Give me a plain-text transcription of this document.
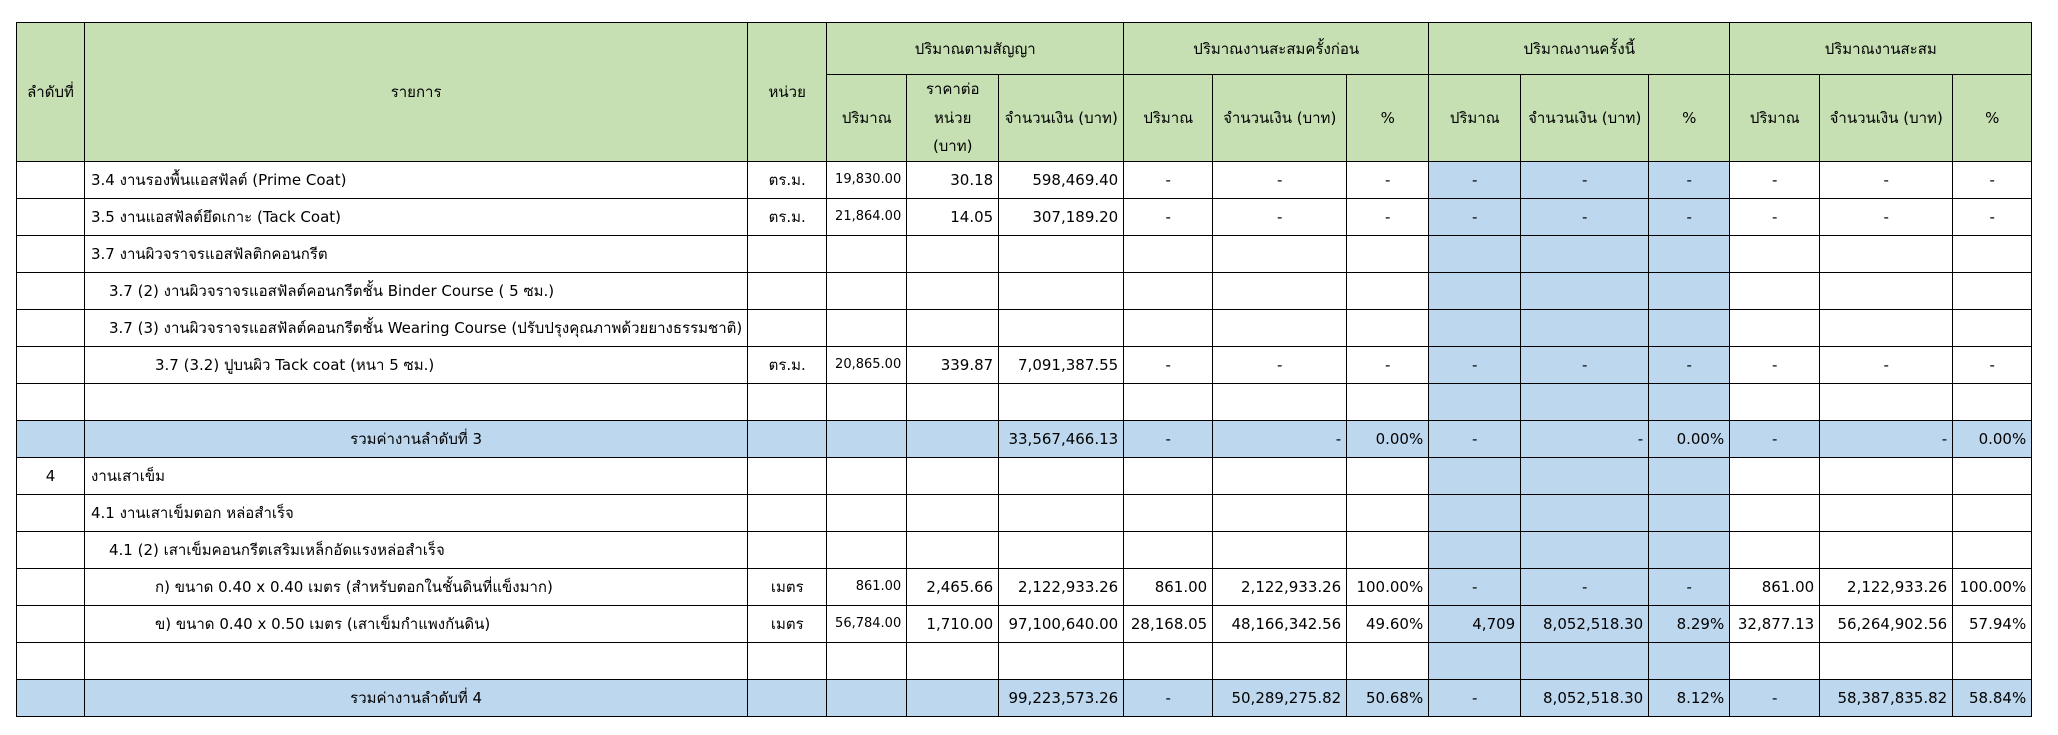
ลำดับที่	รายการ	หน่วย	ปริมาณตามสัญญา			ปริมาณงานสะสมครั้งก่อน			ปริมาณงานครั้งนี้			ปริมาณงานสะสม		
			ปริมาณ	ราคาต่อหน่วย (บาท)	จำนวนเงิน (บาท)	ปริมาณ	จำนวนเงิน (บาท)	%	ปริมาณ	จำนวนเงิน (บาท)	%	ปริมาณ	จำนวนเงิน (บาท)	%
	3.4 งานรองพื้นแอสฟัลต์ (Prime Coat)	ตร.ม.	19,830.00	30.18	598,469.40	-	-	-	-	-	-	-	-	-
	3.5 งานแอสฟัลต์ยึดเกาะ (Tack Coat)	ตร.ม.	21,864.00	14.05	307,189.20	-	-	-	-	-	-	-	-	-
	3.7 งานผิวจราจรแอสฟัลติกคอนกรีต													
	3.7 (2) งานผิวจราจรแอสฟัลต์คอนกรีตชั้น Binder Course ( 5 ซม.)													
	3.7 (3) งานผิวจราจรแอสฟัลต์คอนกรีตชั้น Wearing Course (ปรับปรุงคุณภาพด้วยยางธรรมชาติ)													
	3.7 (3.2) ปูบนผิว Tack coat (หนา 5 ซม.)	ตร.ม.	20,865.00	339.87	7,091,387.55	-	-	-	-	-	-	-	-	-

	รวมค่างานลำดับที่ 3				33,567,466.13	-	-	0.00%	-	-	0.00%	-	-	0.00%
4	งานเสาเข็ม													
	4.1 งานเสาเข็มตอก หล่อสำเร็จ													
	4.1 (2) เสาเข็มคอนกรีตเสริมเหล็กอัดแรงหล่อสำเร็จ													
	ก) ขนาด 0.40 x 0.40 เมตร (สำหรับตอกในชั้นดินที่แข็งมาก)	เมตร	861.00	2,465.66	2,122,933.26	861.00	2,122,933.26	100.00%	-	-	-	861.00	2,122,933.26	100.00%
	ข) ขนาด 0.40 x 0.50 เมตร (เสาเข็มกำแพงกันดิน)	เมตร	56,784.00	1,710.00	97,100,640.00	28,168.05	48,166,342.56	49.60%	4,709	8,052,518.30	8.29%	32,877.13	56,264,902.56	57.94%

	รวมค่างานลำดับที่ 4				99,223,573.26	-	50,289,275.82	50.68%	-	8,052,518.30	8.12%	-	58,387,835.82	58.84%
